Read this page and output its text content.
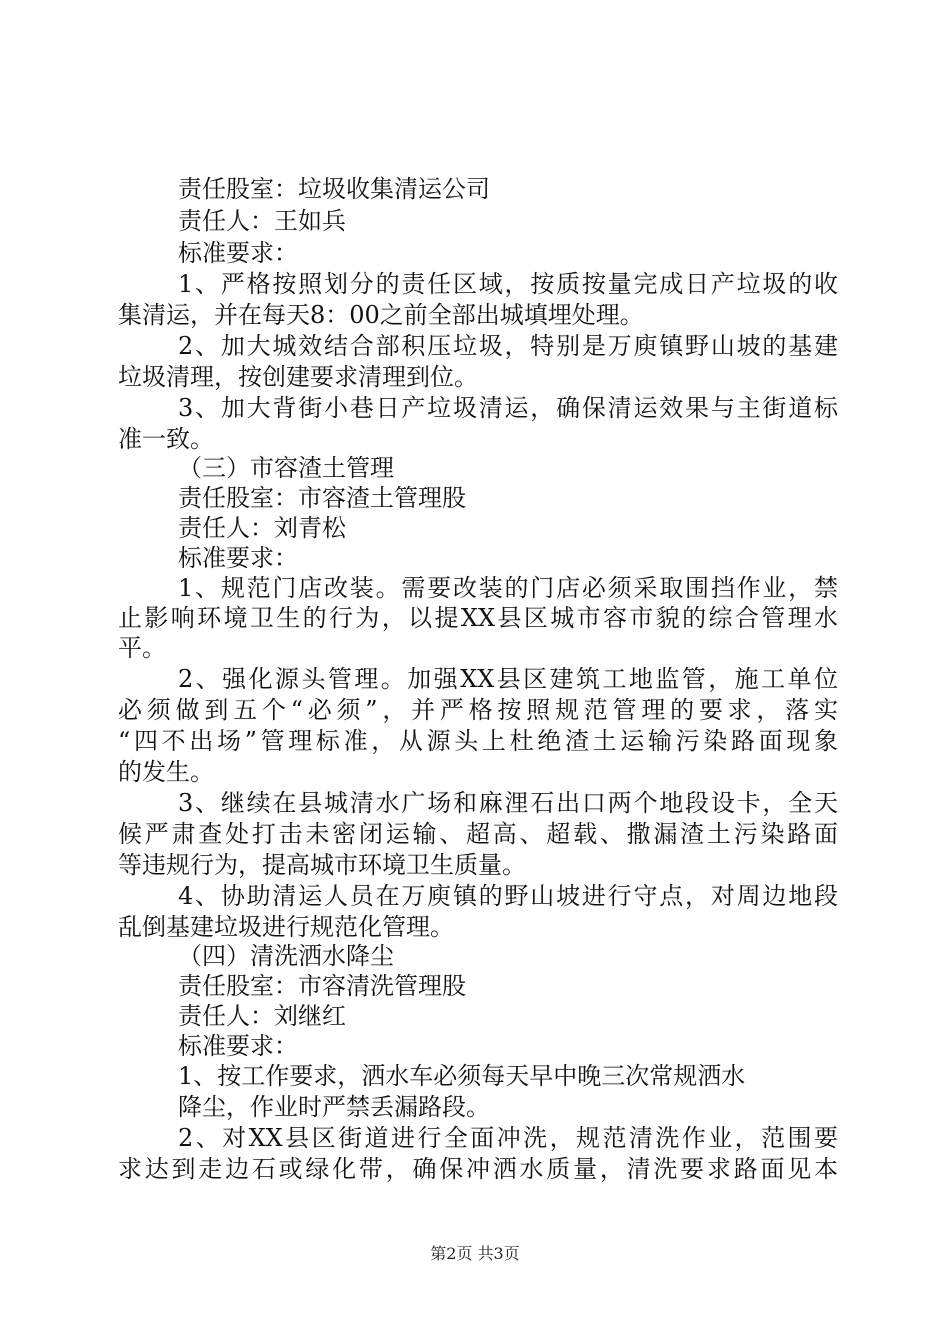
责任股室：垃圾收集清运公司
责任人：王如兵
标准要求：
1、严格按照划分的责任区域，按质按量完成日产垃圾的收
集清运，并在每天8：00之前全部出城填埋处理。
2、加大城效结合部积压垃圾，特别是万庾镇野山坡的基建
垃圾清理，按创建要求清理到位。
3、加大背街小巷日产垃圾清运，确保清运效果与主街道标
准一致。
（三）市容渣土管理
责任股室：市容渣土管理股
责任人：刘青松
标准要求：
1、规范门店改装。需要改装的门店必须采取围挡作业，禁
止影响环境卫生的行为，以提XX县区城市容市貌的综合管理水
平。
2、强化源头管理。加强XX县区建筑工地监管，施工单位
必须做到五个“必须”，并严格按照规范管理的要求，落实
“四不出场”管理标准，从源头上杜绝渣土运输污染路面现象
的发生。
3、继续在县城清水广场和麻浬石出口两个地段设卡，全天
候严肃查处打击未密闭运输、超高、超载、撒漏渣土污染路面
等违规行为，提高城市环境卫生质量。
4、协助清运人员在万庾镇的野山坡进行守点，对周边地段
乱倒基建垃圾进行规范化管理。
（四）清洗洒水降尘
责任股室：市容清洗管理股
责任人：刘继红
标准要求：
1、按工作要求，洒水车必须每天早中晚三次常规洒水
降尘，作业时严禁丢漏路段。
2、对XX县区街道进行全面冲洗，规范清洗作业，范围要
求达到走边石或绿化带，确保冲洒水质量，清洗要求路面见本
第2页 共3页
